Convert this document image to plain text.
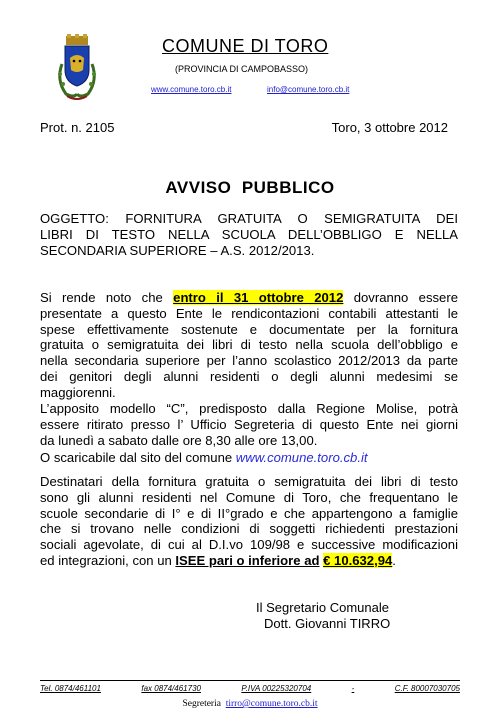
COMUNE DI TORO
(PROVINCIA DI CAMPOBASSO)
www.comune.toro.cb.it	info@comune.toro.cb.it
Prot. n. 2105	Toro, 3 ottobre 2012
AVVISO  PUBBLICO
OGGETTO: FORNITURA GRATUITA O SEMIGRATUITA DEI
LIBRI DI TESTO NELLA SCUOLA DELL’OBBLIGO E NELLA
SECONDARIA SUPERIORE – A.S. 2012/2013.
Si rende noto che entro il 31 ottobre 2012 dovranno essere
presentate a questo Ente le rendicontazioni contabili attestanti le
spese effettivamente sostenute e documentate per la fornitura
gratuita o semigratuita dei libri di testo nella scuola dell’obbligo e
nella secondaria superiore per l’anno scolastico 2012/2013 da parte
dei genitori degli alunni residenti o degli alunni medesimi se
maggiorenni.
L’apposito modello “C”, predisposto dalla Regione Molise, potrà
essere ritirato presso l’ Ufficio Segreteria di questo Ente nei giorni
da lunedì a sabato dalle ore 8,30 alle ore 13,00.
O scaricabile dal sito del comune www.comune.toro.cb.it
Destinatari della fornitura gratuita o semigratuita dei libri di testo
sono gli alunni residenti nel Comune di Toro, che frequentano le
scuole secondarie di I° e di II°grado e che appartengono a famiglie
che si trovano nelle condizioni di soggetti richiedenti prestazioni
sociali agevolate, di cui al D.I.vo 109/98 e successive modificazioni
ed integrazioni, con un ISEE pari o inferiore ad € 10.632,94.
Il Segretario Comunale
Dott. Giovanni TIRRO
Tel. 0874/461101	fax 0874/461730	P.IVA 00225320704	-	C.F. 80007030705
Segreteria tirro@comune.toro.cb.it
